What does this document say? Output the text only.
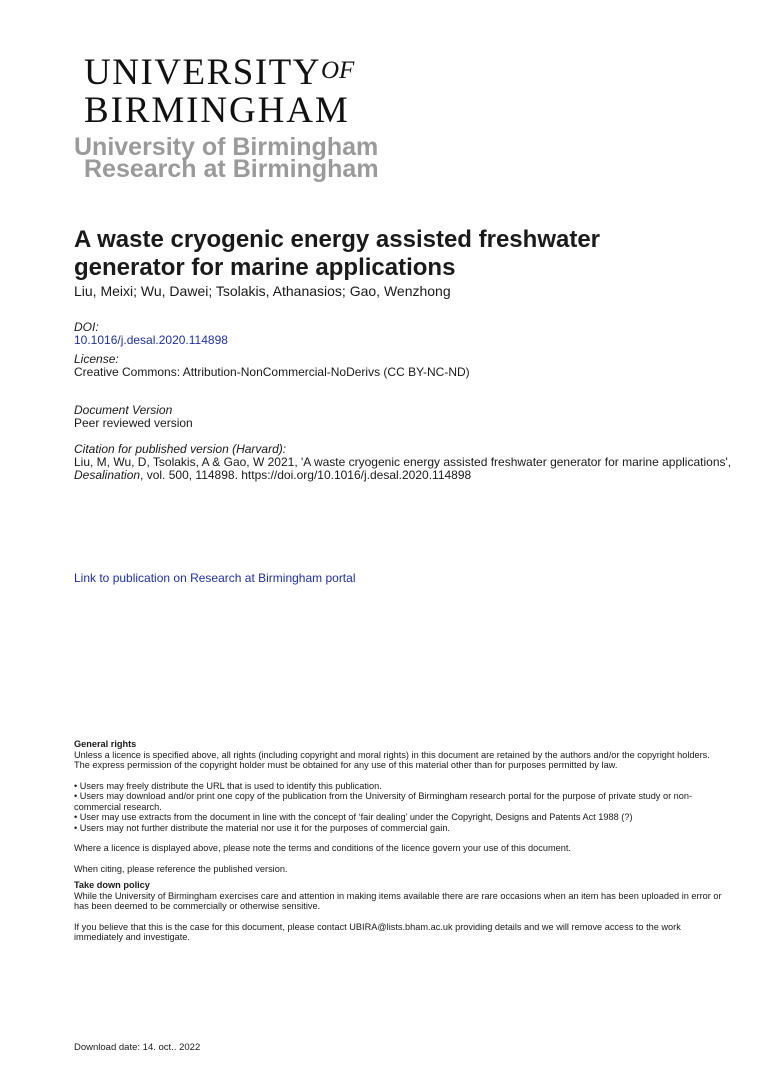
UNIVERSITYOF
BIRMINGHAM
University of Birmingham
Research at Birmingham
A waste cryogenic energy assisted freshwater generator for marine applications
Liu, Meixi; Wu, Dawei; Tsolakis, Athanasios; Gao, Wenzhong
DOI:
10.1016/j.desal.2020.114898
License:
Creative Commons: Attribution-NonCommercial-NoDerivs (CC BY-NC-ND)
Document Version
Peer reviewed version
Citation for published version (Harvard):
Liu, M, Wu, D, Tsolakis, A & Gao, W 2021, 'A waste cryogenic energy assisted freshwater generator for marine applications', Desalination, vol. 500, 114898. https://doi.org/10.1016/j.desal.2020.114898
Link to publication on Research at Birmingham portal

General rights

Unless a licence is specified above, all rights (including copyright and moral rights) in this document are retained by the authors and/or the copyright holders. The express permission of the copyright holder must be obtained for any use of this material other than for purposes permitted by law.

• Users may freely distribute the URL that is used to identify this publication.

• Users may download and/or print one copy of the publication from the University of Birmingham research portal for the purpose of private study or non-commercial research.

• User may use extracts from the document in line with the concept of ‘fair dealing’ under the Copyright, Designs and Patents Act 1988 (?)

• Users may not further distribute the material nor use it for the purposes of commercial gain.

Where a licence is displayed above, please note the terms and conditions of the licence govern your use of this document.

When citing, please reference the published version.

Take down policy

While the University of Birmingham exercises care and attention in making items available there are rare occasions when an item has been uploaded in error or has been deemed to be commercially or otherwise sensitive.

If you believe that this is the case for this document, please contact UBIRA@lists.bham.ac.uk providing details and we will remove access to the work immediately and investigate.

Download date: 14. oct.. 2022
